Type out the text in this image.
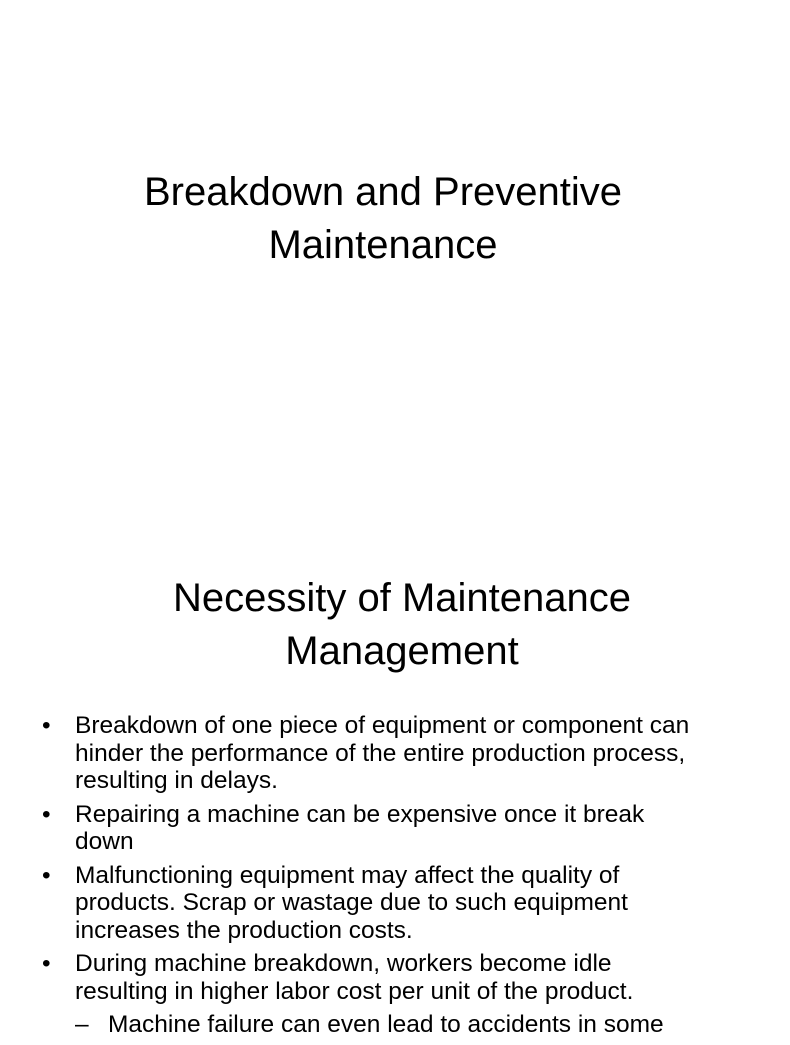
Breakdown and Preventive
Maintenance
Necessity of Maintenance
Management
• Breakdown of one piece of equipment or component can
hinder the performance of the entire production process,
resulting in delays.
• Repairing a machine can be expensive once it break
down
• Malfunctioning equipment may affect the quality of
products. Scrap or wastage due to such equipment
increases the production costs.
• During machine breakdown, workers become idle
resulting in higher labor cost per unit of the product.
– Machine failure can even lead to accidents in some
